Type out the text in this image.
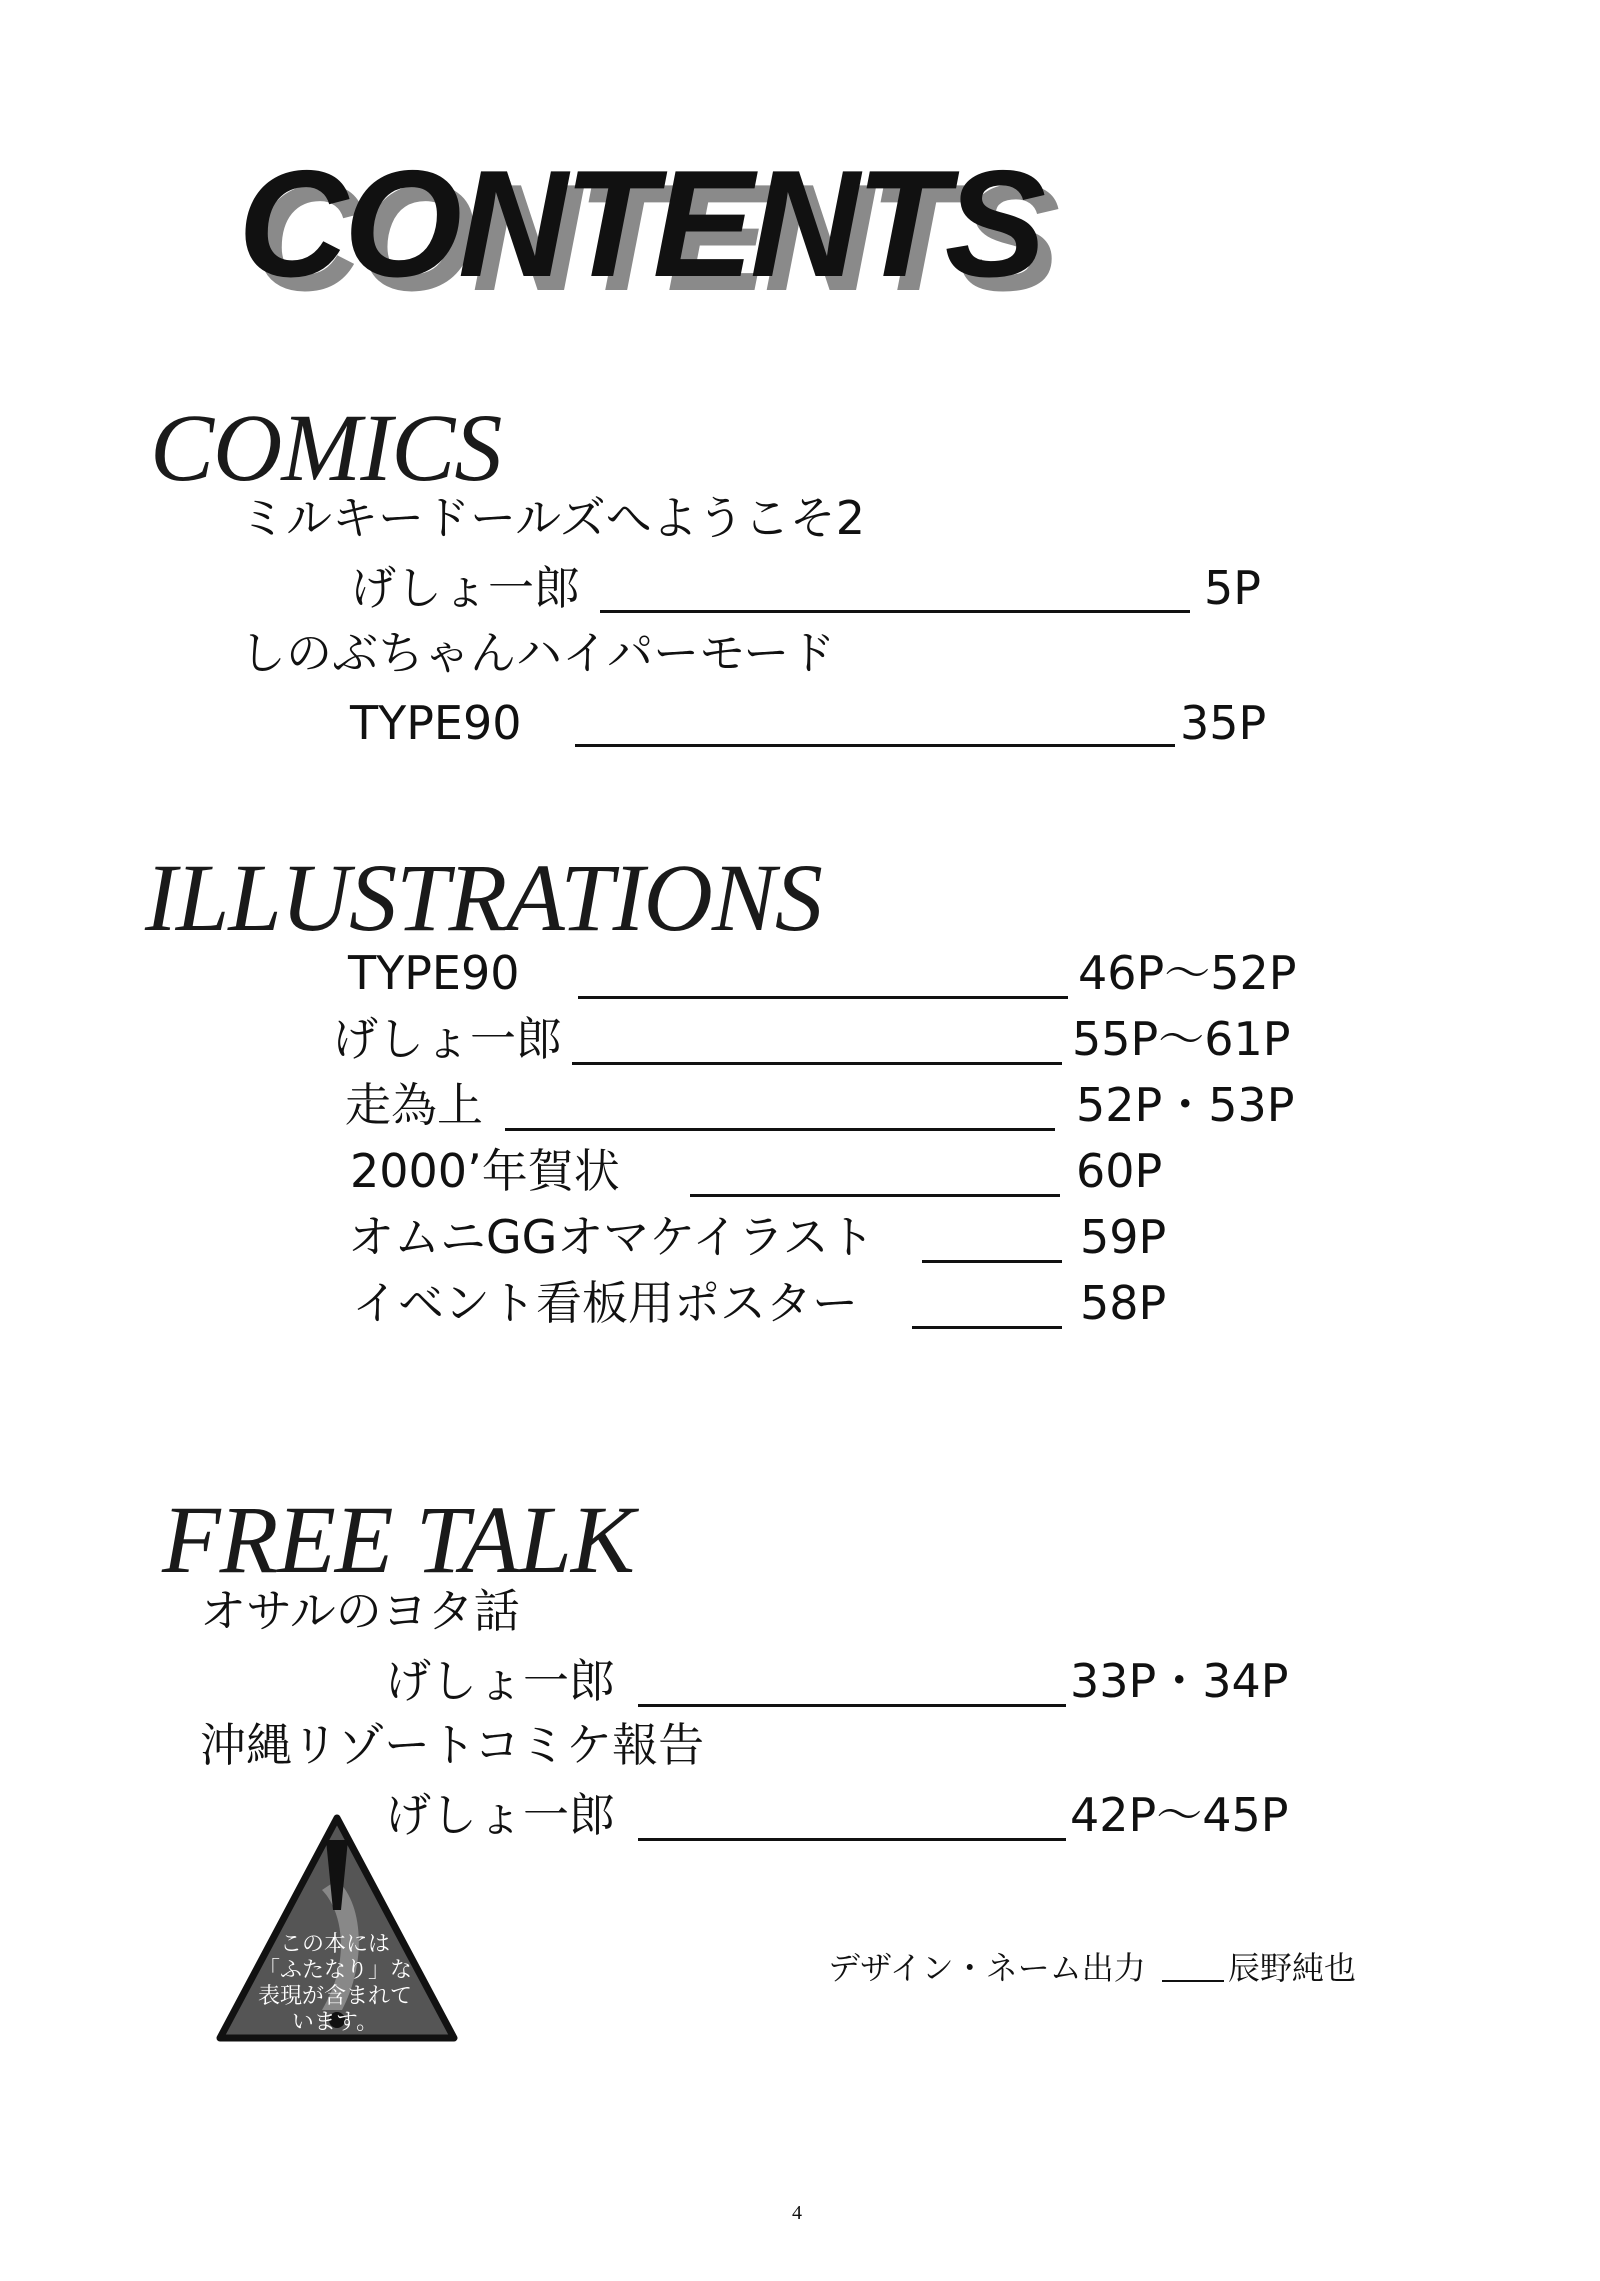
CONTENTS
COMICS
ミルキードールズへようこそ2
げしょ一郎	5P
しのぶちゃんハイパーモード
TYPE90	35P
ILLUSTRATIONS
TYPE90	46P～52P
げしょ一郎	55P～61P
走為上	52P・53P
2000’年賀状	60P
オムニGGオマケイラスト	59P
イベント看板用ポスター	58P
FREE TALK
オサルのヨタ話
げしょ一郎	33P・34P
沖縄リゾートコミケ報告
げしょ一郎	42P～45P
この本には
「ふたなり」な
表現が含まれて
います。
デザイン・ネーム出力	辰野純也
4
